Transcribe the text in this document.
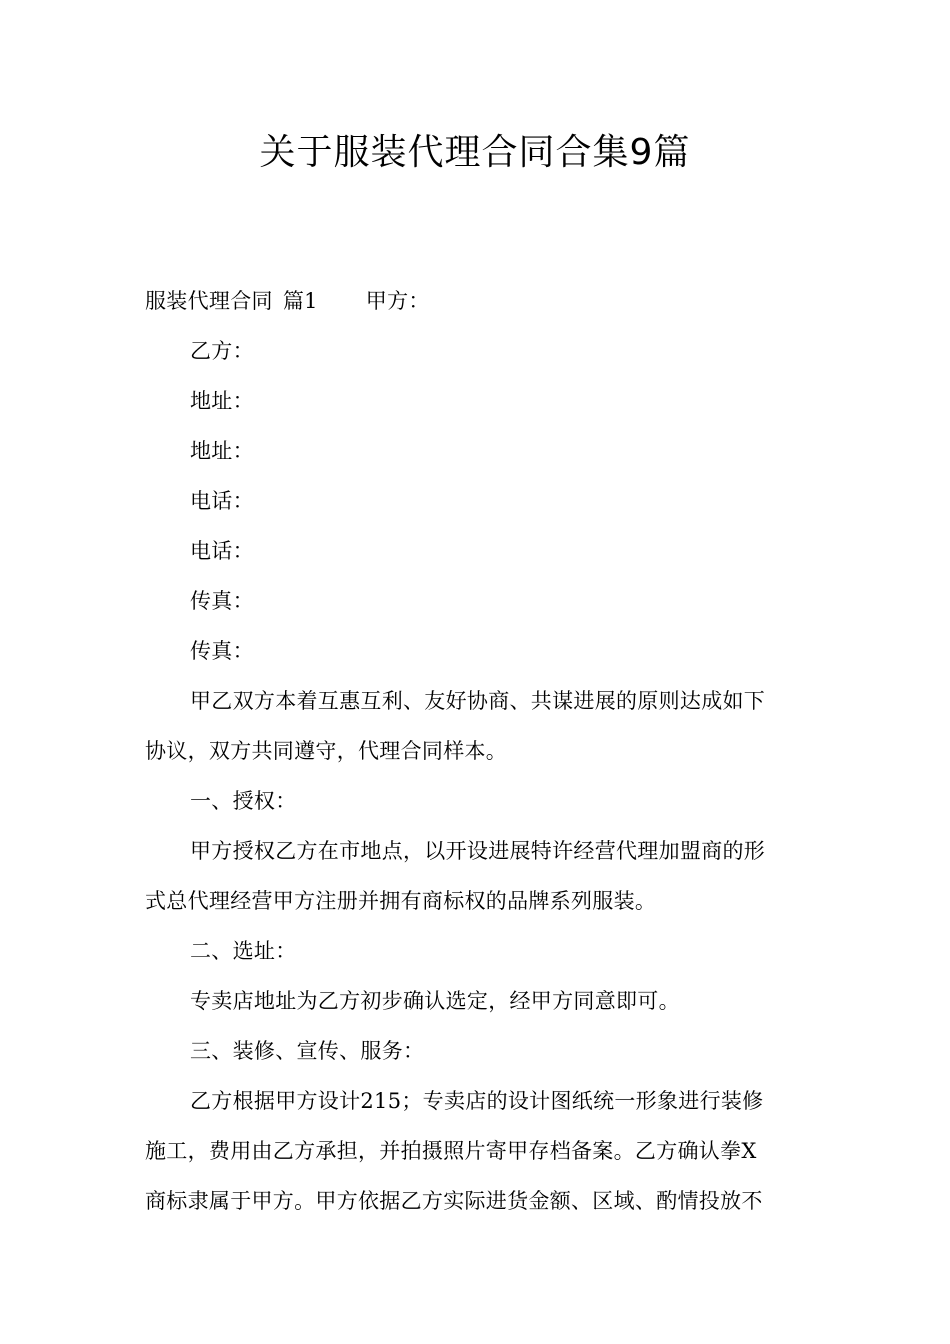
关于服装代理合同合集9篇
服装代理合同 篇1 甲方：
乙方：
地址：
地址：
电话：
电话：
传真：
传真：
甲乙双方本着互惠互利、友好协商、共谋进展的原则达成如下
协议，双方共同遵守，代理合同样本。
一、授权：
甲方授权乙方在市地点，以开设进展特许经营代理加盟商的形
式总代理经营甲方注册并拥有商标权的品牌系列服装。
二、选址：
专卖店地址为乙方初步确认选定，经甲方同意即可。
三、装修、宣传、服务：
乙方根据甲方设计215；专卖店的设计图纸统一形象进行装修
施工，费用由乙方承担，并拍摄照片寄甲存档备案。乙方确认拳X
商标隶属于甲方。甲方依据乙方实际进货金额、区域、酌情投放不
